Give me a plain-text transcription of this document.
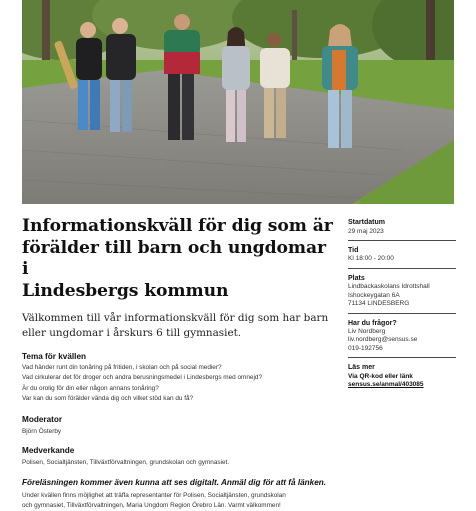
Informationskväll för dig som är
förälder till barn och ungdomar i
Lindesbergs kommun

Välkommen till vår informationskväll för dig som har barn eller ungdomar i årskurs 6 till gymnasiet.

Tema för kvällen

Vad händer runt din tonåring på fritiden, i skolan och på social medier?

Vad cirkulerar det för droger och andra berusningsmedel i Lindesbergs med omnejd?

Är du orolig för din eller någon annans tonåring?

Var kan du som förälder vända dig och vilket stöd kan du få?

Moderator

Björn Österby

Medverkande

Polisen, Socialtjänsten, Tillväxtförvaltningen, grundskolan och gymnasiet.

Föreläsningen kommer även kunna att ses digitalt. Anmäl dig för att få länken.

Under kvällen finns möjlighet att träffa representanter för Polisen, Socialtjänsten, grundskolan

och gymnasiet, Tillväxtförvaltningen, Maria Ungdom Region Örebro Län. Varmt välkommen!

Startdatum

29 maj 2023

Tid

Kl 18:00 - 20:00

Plats

Lindbackaskolans Idrottshall

Ishockeygatan 6A

71134 LINDESBERG

Har du frågor?

Liv Nordberg

liv.nordberg@sensus.se

019-192756

Läs mer

Via QR-kod eller länk

sensus.se/anmal/403085
